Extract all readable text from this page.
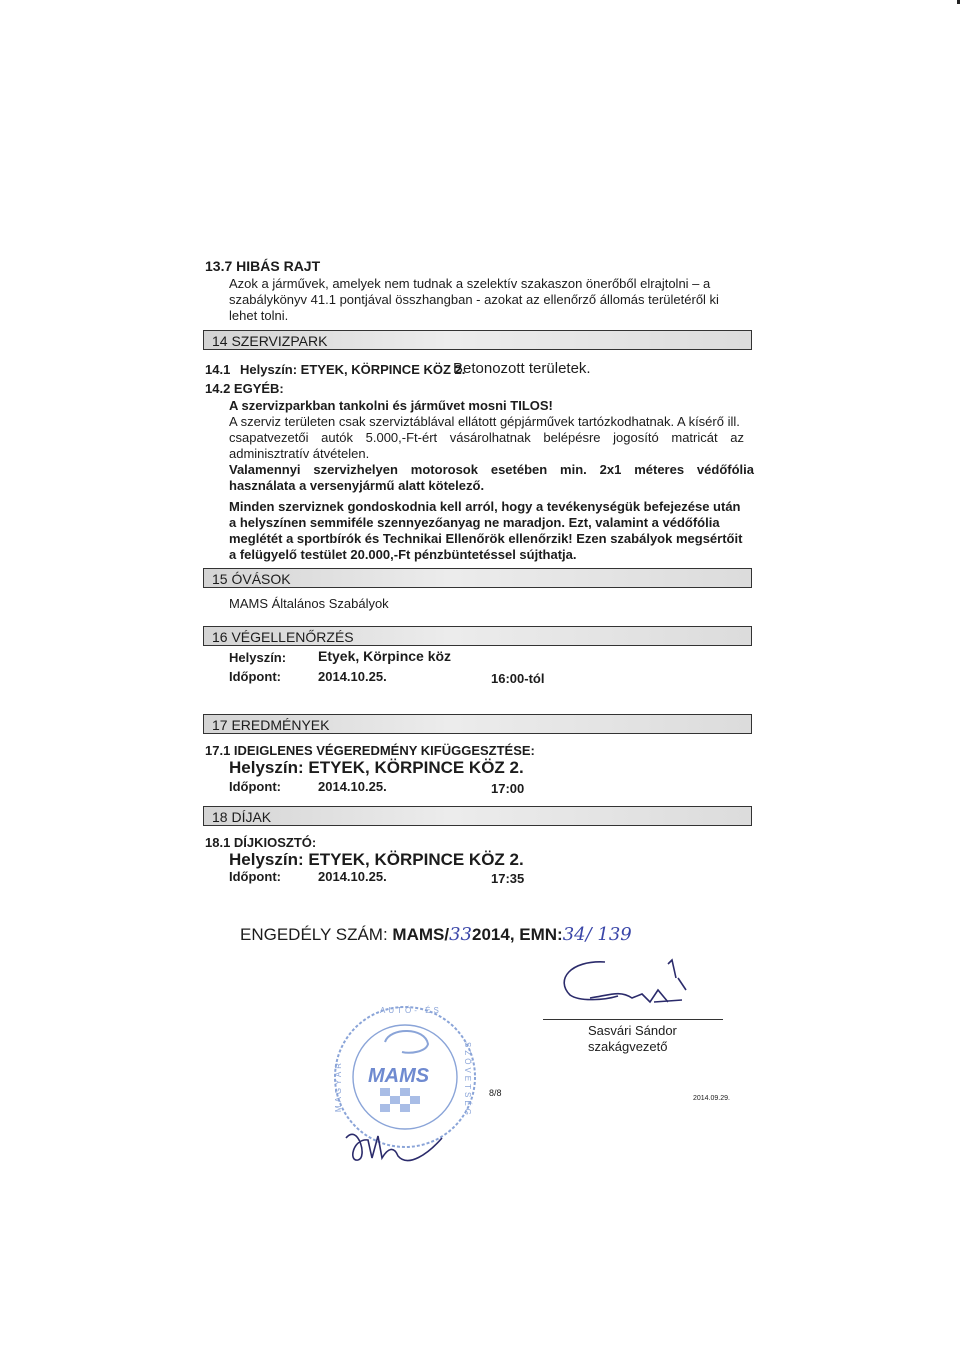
13.7 HIBÁS RAJT
Azok a járművek, amelyek nem tudnak a szelektív szakaszon önerőből elrajtolni – a
szabálykönyv 41.1 pontjával összhangban - azokat az ellenőrző állomás területéről ki
lehet tolni.
14 SZERVIZPARK
14.1 Helyszín: ETYEK, KÖRPINCE KÖZ 2.
Betonozott területek.
14.2 EGYÉB:
A szervizparkban tankolni és járművet mosni TILOS!
A szerviz területen csak szerviztáblával ellátott gépjárművek tartózkodhatnak. A kísérő ill.
csapatvezetői autók 5.000,-Ft-ért vásárolhatnak belépésre jogosító matricát az
adminisztratív átvételen.
Valamennyi szervizhelyen motorosok esetében min. 2x1 méteres védőfólia
használata a versenyjármű alatt kötelező.
Minden szerviznek gondoskodnia kell arról, hogy a tevékenységük befejezése után
a helyszínen semmiféle szennyezőanyag ne maradjon. Ezt, valamint a védőfólia
meglétét a sportbírók és Technikai Ellenőrök ellenőrzik! Ezen szabályok megsértőit
a felügyelő testület 20.000,-Ft pénzbüntetéssel sújthatja.
15 ÓVÁSOK
MAMS Általános Szabályok
16 VÉGELLENŐRZÉS
Helyszín: Etyek, Körpince köz
Időpont:	2014.10.25.	16:00-tól
17 EREDMÉNYEK
17.1 IDEIGLENES VÉGEREDMÉNY KIFÜGGESZTÉSE:
Helyszín: ETYEK, KÖRPINCE KÖZ 2.
Időpont:	2014.10.25.	17:00
18 DÍJAK
18.1 DÍJKIOSZTÓ:
Helyszín: ETYEK, KÖRPINCE KÖZ 2.
Időpont:	2014.10.25.	17:35
ENGEDÉLY SZÁM: MAMS/332014, EMN:34/ 139
Sasvári Sándor
szakágvezető
MAMS
MAGYAR
AUTÓ- ÉS
SZÖVETSÉG 8/8
2014.09.29.
